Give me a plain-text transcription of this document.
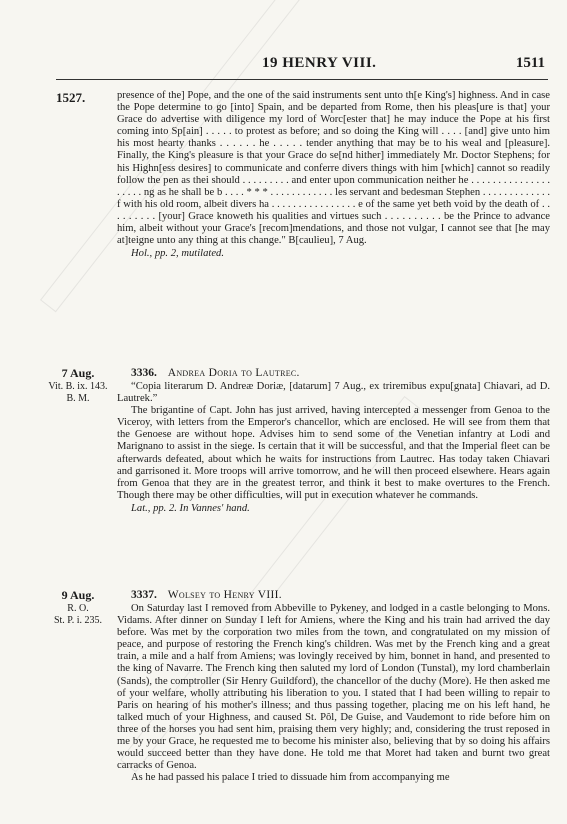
19 HENRY VIII.	1511
1527.	presence of the] Pope, and the one of the said instruments sent unto th[e King's] highness. And in case the Pope determine to go [into] Spain, and be departed from Rome, then his pleas[ure is that] your Grace do advertise with diligence my lord of Worc[ester that] he may induce the Pope at his first coming into Sp[ain] . . . . . to protest as before; and so doing the King will . . . . [and] give unto him his most hearty thanks . . . . . . he . . . . . tender anything that may be to his weal and [pleasure]. Finally, the King's pleasure is that your Grace do se[nd hither] immediately Mr. Doctor Stephens; for his Highn[ess desires] to communicate and conferre divers things with him [which] cannot so readily follow the pen as thei should . . . . . . . . . and enter upon communication neither he . . . . . . . . . . . . . . . . . . . . ng as he shall be b . . . . * * * . . . . . . . . . . . . les servant and bedesman Stephen . . . . . . . . . . . . . f with his old room, albeit divers ha . . . . . . . . . . . . . . . . e of the same yet beth void by the death of . . . . . . . . . [your] Grace knoweth his qualities and virtues such . . . . . . . . . . be the Prince to advance him, albeit without your Grace's [recom]mendations, and those not vulgar, I cannot see that [he may at]teigne unto any thing at this change." B[caulieu], 7 Aug.

Hol., pp. 2, mutilated.

7 Aug.
Vit. B. ix. 143.
B. M.
3336. Andrea Doria to Lautrec.

“Copia literarum D. Andreæ Doriæ, [datarum] 7 Aug., ex triremibus expu[gnata] Chiavari, ad D. Lautrek.”

The brigantine of Capt. John has just arrived, having intercepted a messenger from Genoa to the Viceroy, with letters from the Emperor's chancellor, which are enclosed. He will see from them that the Genoese are without hope. Advises him to send some of the Venetian infantry at Lodi and Marignano to assist in the siege. Is certain that it will be successful, and that the Imperial fleet can be afterwards defeated, about which he waits for instructions from Lautrec. Has today taken Chiavari and garrisoned it. More troops will arrive tomorrow, and he will then proceed elsewhere. Hears again from Genoa that they are in the greatest terror, and think it best to make overtures to the French. Though there may be other difficulties, will put in execution whatever he commands.

Lat., pp. 2. In Vannes' hand.

9 Aug.
R. O.
St. P. i. 235.
3337. Wolsey to Henry VIII.

On Saturday last I removed from Abbeville to Pykeney, and lodged in a castle belonging to Mons. Vidams. After dinner on Sunday I left for Amiens, where the King and his train had arrived the day before. Was met by the corporation two miles from the town, and congratulated on my mission of peace, and purpose of restoring the French king's children. Was met by the French king and a great train, a mile and a half from Amiens; was lovingly received by him, bonnet in hand, and presented to the king of Navarre. The French king then saluted my lord of London (Tunstal), my lord chamberlain (Sands), the comptroller (Sir Henry Guildford), the chancellor of the duchy (More). He then asked me of your welfare, wholly attributing his liberation to you. I stated that I had been willing to repair to Paris on hearing of his mother's illness; and thus passing together, placing me on his left hand, he talked much of your Highness, and caused St. Pôl, De Guise, and Vaudemont to ride before him on three of the horses you had sent him, praising them very highly; and, considering the trust reposed in me by your Grace, he requested me to become his minister also, believing that by so doing his affairs would succeed better than they have done. He told me that Moret had taken and burnt two great carracks of Genoa.

As he had passed his palace I tried to dissuade him from accompanying me
